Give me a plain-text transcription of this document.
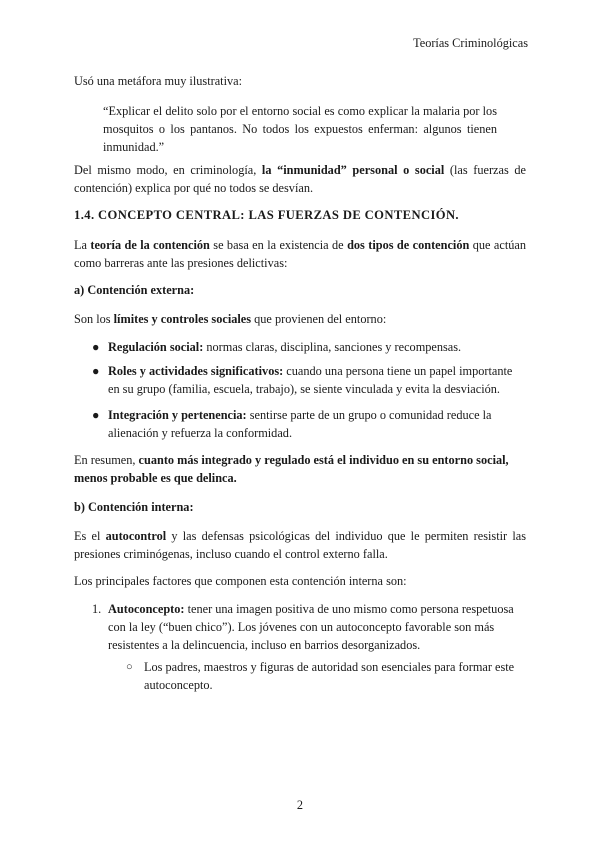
Teorías Criminológicas
Usó una metáfora muy ilustrativa:
“Explicar el delito solo por el entorno social es como explicar la malaria por los mosquitos o los pantanos. No todos los expuestos enferman: algunos tienen inmunidad.”
Del mismo modo, en criminología, la “inmunidad” personal o social (las fuerzas de contención) explica por qué no todos se desvían.
1.4. CONCEPTO CENTRAL: LAS FUERZAS DE CONTENCIÓN.
La teoría de la contención se basa en la existencia de dos tipos de contención que actúan como barreras ante las presiones delictivas:
a) Contención externa:
Son los límites y controles sociales que provienen del entorno:
● Regulación social: normas claras, disciplina, sanciones y recompensas.
● Roles y actividades significativos: cuando una persona tiene un papel importante en su grupo (familia, escuela, trabajo), se siente vinculada y evita la desviación.
● Integración y pertenencia: sentirse parte de un grupo o comunidad reduce la alienación y refuerza la conformidad.
En resumen, cuanto más integrado y regulado está el individuo en su entorno social, menos probable es que delinca.
b) Contención interna:
Es el autocontrol y las defensas psicológicas del individuo que le permiten resistir las presiones criminógenas, incluso cuando el control externo falla.
Los principales factores que componen esta contención interna son:
1. Autoconcepto: tener una imagen positiva de uno mismo como persona respetuosa con la ley (“buen chico”). Los jóvenes con un autoconcepto favorable son más resistentes a la delincuencia, incluso en barrios desorganizados.
○ Los padres, maestros y figuras de autoridad son esenciales para formar este autoconcepto.
2
